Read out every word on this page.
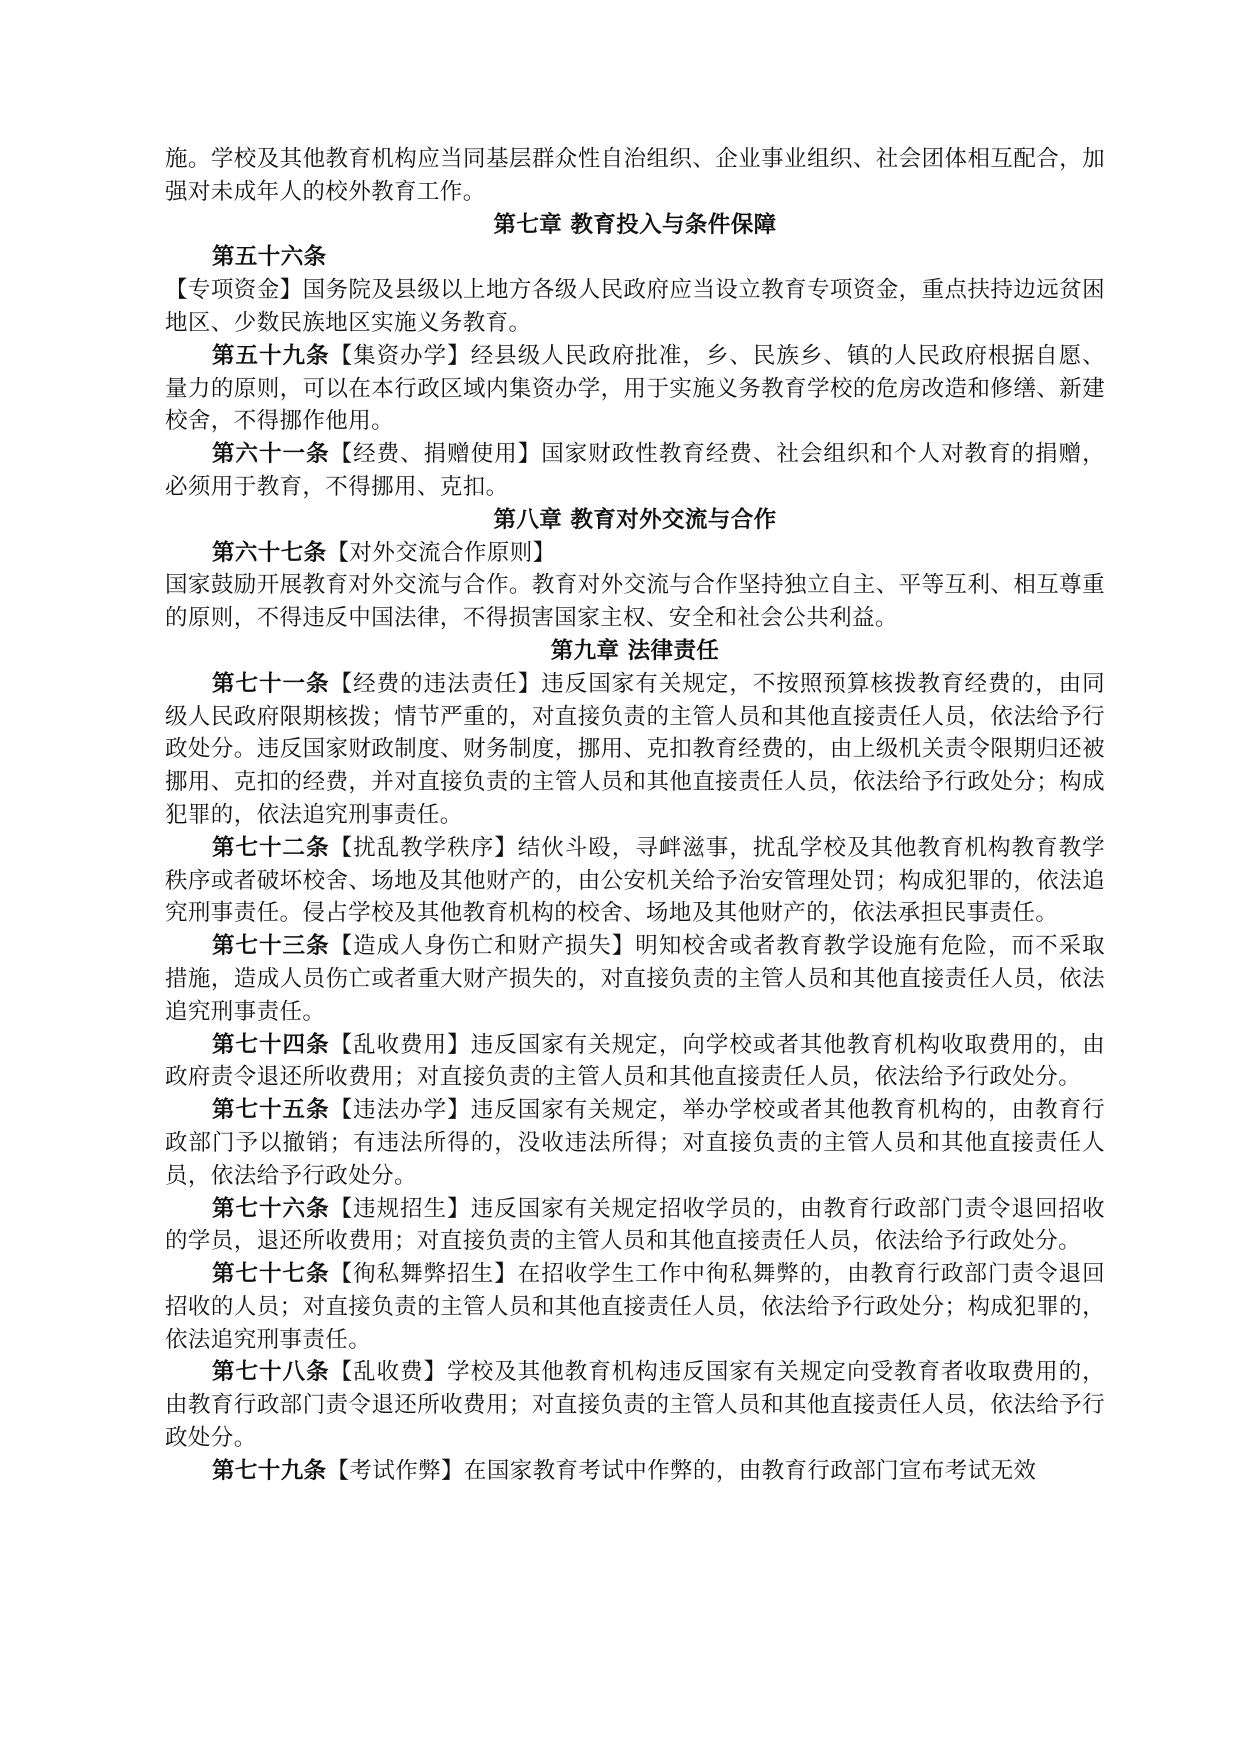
施。学校及其他教育机构应当同基层群众性自治组织、企业事业组织、社会团体相互配合，加强对未成年人的校外教育工作。

第七章 教育投入与条件保障

第五十六条

【专项资金】国务院及县级以上地方各级人民政府应当设立教育专项资金，重点扶持边远贫困地区、少数民族地区实施义务教育。

第五十九条【集资办学】经县级人民政府批准，乡、民族乡、镇的人民政府根据自愿、量力的原则，可以在本行政区域内集资办学，用于实施义务教育学校的危房改造和修缮、新建校舍，不得挪作他用。

第六十一条【经费、捐赠使用】国家财政性教育经费、社会组织和个人对教育的捐赠，必须用于教育，不得挪用、克扣。

第八章 教育对外交流与合作

第六十七条【对外交流合作原则】

国家鼓励开展教育对外交流与合作。教育对外交流与合作坚持独立自主、平等互利、相互尊重的原则，不得违反中国法律，不得损害国家主权、安全和社会公共利益。

第九章 法律责任

第七十一条【经费的违法责任】违反国家有关规定，不按照预算核拨教育经费的，由同级人民政府限期核拨；情节严重的，对直接负责的主管人员和其他直接责任人员，依法给予行政处分。违反国家财政制度、财务制度，挪用、克扣教育经费的，由上级机关责令限期归还被挪用、克扣的经费，并对直接负责的主管人员和其他直接责任人员，依法给予行政处分；构成犯罪的，依法追究刑事责任。

第七十二条【扰乱教学秩序】结伙斗殴，寻衅滋事，扰乱学校及其他教育机构教育教学秩序或者破坏校舍、场地及其他财产的，由公安机关给予治安管理处罚；构成犯罪的，依法追究刑事责任。侵占学校及其他教育机构的校舍、场地及其他财产的，依法承担民事责任。

第七十三条【造成人身伤亡和财产损失】明知校舍或者教育教学设施有危险，而不采取措施，造成人员伤亡或者重大财产损失的，对直接负责的主管人员和其他直接责任人员，依法追究刑事责任。

第七十四条【乱收费用】违反国家有关规定，向学校或者其他教育机构收取费用的，由政府责令退还所收费用；对直接负责的主管人员和其他直接责任人员，依法给予行政处分。

第七十五条【违法办学】违反国家有关规定，举办学校或者其他教育机构的，由教育行政部门予以撤销；有违法所得的，没收违法所得；对直接负责的主管人员和其他直接责任人员，依法给予行政处分。

第七十六条【违规招生】违反国家有关规定招收学员的，由教育行政部门责令退回招收的学员，退还所收费用；对直接负责的主管人员和其他直接责任人员，依法给予行政处分。

第七十七条【徇私舞弊招生】在招收学生工作中徇私舞弊的，由教育行政部门责令退回招收的人员；对直接负责的主管人员和其他直接责任人员，依法给予行政处分；构成犯罪的，依法追究刑事责任。

第七十八条【乱收费】学校及其他教育机构违反国家有关规定向受教育者收取费用的，由教育行政部门责令退还所收费用；对直接负责的主管人员和其他直接责任人员，依法给予行政处分。

第七十九条【考试作弊】在国家教育考试中作弊的，由教育行政部门宣布考试无效
